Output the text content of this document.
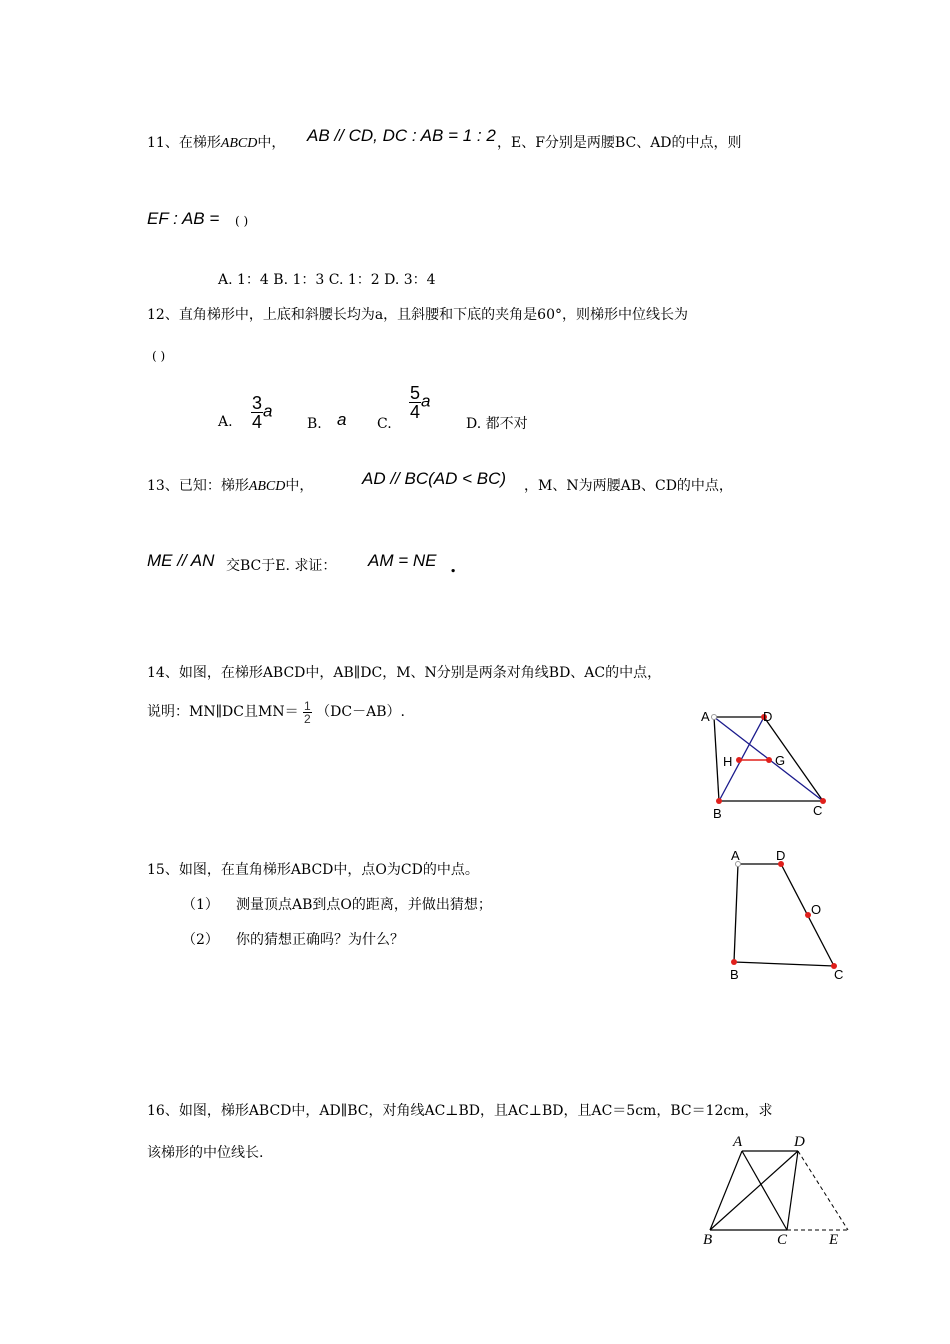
11、在梯形ABCD中， AB // CD, DC : AB = 1 : 2 ，E、F分别是两腰BC、AD的中点，则
EF : AB = ( )
A. 1：4 B. 1：3 C. 1：2 D. 3：4
12、直角梯形中，上底和斜腰长均为a，且斜腰和下底的夹角是60°，则梯形中位线长为
( )
A. $\frac{3}{4}$ a
B. a C.
$\frac{5}{4}$ a
D. 都不对
13、已知：梯形ABCD中，	AD // BC(AD < BC) ，M、N为两腰AB、CD的中点，
ME // AN 交BC于E. 求证： AM = NE .
14、如图，在梯形ABCD中，AB∥DC，M、N分别是两条对角线BD、AC的中点，
说明：MN∥DC且$MN= \frac{1}{2} (DC-AB)$.	A	D
H	G
B	C
15、如图，在直角梯形ABCD中，点O为CD的中点。
（1） 测量顶点AB到点O的距离，并做出猜想；
（2） 你的猜想正确吗？为什么？
A	D
O
B	C
16、如图，梯形ABCD中，AD∥BC，对角线AC⊥BD，且AC⊥BD，且AC＝5cm，BC＝12cm，求
该梯形的中位线长.
A	D
B	C	E
